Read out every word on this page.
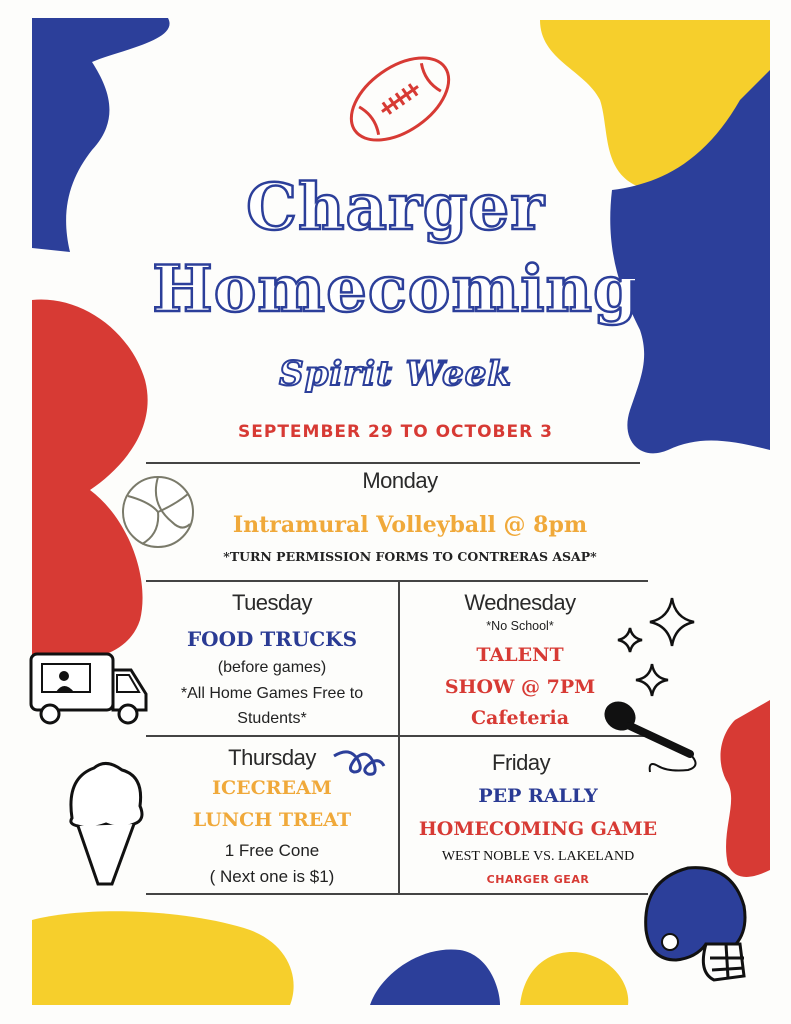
Charger
Homecoming
Spirit Week
SEPTEMBER 29 TO OCTOBER 3
Monday
Intramural Volleyball @ 8pm
*TURN PERMISSION FORMS TO CONTRERAS ASAP*
Tuesday
FOOD TRUCKS
(before games)
*All Home Games Free to
Students*
Wednesday
*No School*
TALENT
SHOW @ 7PM
Cafeteria
Thursday
ICECREAM
LUNCH TREAT
1 Free Cone
( Next one is $1)
Friday
PEP RALLY
HOMECOMING GAME
WEST NOBLE VS. LAKELAND
CHARGER GEAR
